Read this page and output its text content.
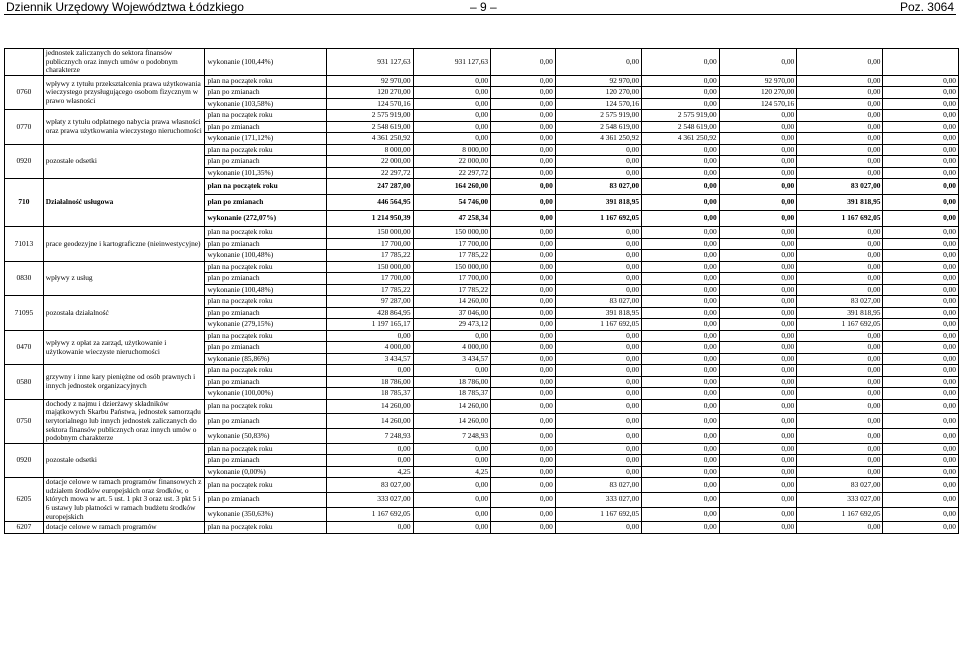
Dziennik Urzędowy Województwa Łódzkiego	– 9 –	Poz. 3064
	jednostek zaliczanych do sektora finansów publicznych oraz innych umów o podobnym charakterze	wykonanie (100,44%)	931 127,63	931 127,63	0,00	0,00	0,00	0,00	0,00	
0760	wpływy z tytułu przekształcenia prawa użytkowania wieczystego przysługującego osobom fizycznym w prawo własności	plan na początek roku	92 970,00	0,00	0,00	92 970,00	0,00	92 970,00	0,00	0,00
		plan po zmianach	120 270,00	0,00	0,00	120 270,00	0,00	120 270,00	0,00	0,00
		wykonanie (103,58%)	124 570,16	0,00	0,00	124 570,16	0,00	124 570,16	0,00	0,00
0770	wpłaty z tytułu odpłatnego nabycia prawa własności oraz prawa użytkowania wieczystego nieruchomości	plan na początek roku	2 575 919,00	0,00	0,00	2 575 919,00	2 575 919,00	0,00	0,00	0,00
		plan po zmianach	2 548 619,00	0,00	0,00	2 548 619,00	2 548 619,00	0,00	0,00	0,00
		wykonanie (171,12%)	4 361 250,92	0,00	0,00	4 361 250,92	4 361 250,92	0,00	0,00	0,00
0920	pozostałe odsetki	plan na początek roku	8 000,00	8 000,00	0,00	0,00	0,00	0,00	0,00	0,00
		plan po zmianach	22 000,00	22 000,00	0,00	0,00	0,00	0,00	0,00	0,00
		wykonanie (101,35%)	22 297,72	22 297,72	0,00	0,00	0,00	0,00	0,00	0,00
710	Działalność usługowa	plan na początek roku	247 287,00	164 260,00	0,00	83 027,00	0,00	0,00	83 027,00	0,00
		plan po zmianach	446 564,95	54 746,00	0,00	391 818,95	0,00	0,00	391 818,95	0,00
		wykonanie (272,07%)	1 214 950,39	47 258,34	0,00	1 167 692,05	0,00	0,00	1 167 692,05	0,00
71013	prace geodezyjne i kartograficzne (nieinwestycyjne)	plan na początek roku	150 000,00	150 000,00	0,00	0,00	0,00	0,00	0,00	0,00
		plan po zmianach	17 700,00	17 700,00	0,00	0,00	0,00	0,00	0,00	0,00
		wykonanie (100,48%)	17 785,22	17 785,22	0,00	0,00	0,00	0,00	0,00	0,00
0830	wpływy z usług	plan na początek roku	150 000,00	150 000,00	0,00	0,00	0,00	0,00	0,00	0,00
		plan po zmianach	17 700,00	17 700,00	0,00	0,00	0,00	0,00	0,00	0,00
		wykonanie (100,48%)	17 785,22	17 785,22	0,00	0,00	0,00	0,00	0,00	0,00
71095	pozostała działalność	plan na początek roku	97 287,00	14 260,00	0,00	83 027,00	0,00	0,00	83 027,00	0,00
		plan po zmianach	428 864,95	37 046,00	0,00	391 818,95	0,00	0,00	391 818,95	0,00
		wykonanie (279,15%)	1 197 165,17	29 473,12	0,00	1 167 692,05	0,00	0,00	1 167 692,05	0,00
0470	wpływy z opłat za zarząd, użytkowanie i użytkowanie wieczyste nieruchomości	plan na początek roku	0,00	0,00	0,00	0,00	0,00	0,00	0,00	0,00
		plan po zmianach	4 000,00	4 000,00	0,00	0,00	0,00	0,00	0,00	0,00
		wykonanie (85,86%)	3 434,57	3 434,57	0,00	0,00	0,00	0,00	0,00	0,00
0580	grzywny i inne kary pieniężne od osób prawnych i innych jednostek organizacyjnych	plan na początek roku	0,00	0,00	0,00	0,00	0,00	0,00	0,00	0,00
		plan po zmianach	18 786,00	18 786,00	0,00	0,00	0,00	0,00	0,00	0,00
		wykonanie (100,00%)	18 785,37	18 785,37	0,00	0,00	0,00	0,00	0,00	0,00
0750	dochody z najmu i dzierżawy składników majątkowych Skarbu Państwa, jednostek samorządu terytorialnego lub innych jednostek zaliczanych do sektora finansów publicznych oraz innych umów o podobnym charakterze	plan na początek roku	14 260,00	14 260,00	0,00	0,00	0,00	0,00	0,00	0,00
		plan po zmianach	14 260,00	14 260,00	0,00	0,00	0,00	0,00	0,00	0,00
		wykonanie (50,83%)	7 248,93	7 248,93	0,00	0,00	0,00	0,00	0,00	0,00
0920	pozostałe odsetki	plan na początek roku	0,00	0,00	0,00	0,00	0,00	0,00	0,00	0,00
		plan po zmianach	0,00	0,00	0,00	0,00	0,00	0,00	0,00	0,00
		wykonanie (0,00%)	4,25	4,25	0,00	0,00	0,00	0,00	0,00	0,00
6205	dotacje celowe w ramach programów finansowych z udziałem środków europejskich oraz środków, o których mowa w art. 5 ust. 1 pkt 3 oraz ust. 3 pkt 5 i 6 ustawy lub płatności w ramach budżetu środków europejskich	plan na początek roku	83 027,00	0,00	0,00	83 027,00	0,00	0,00	83 027,00	0,00
		plan po zmianach	333 027,00	0,00	0,00	333 027,00	0,00	0,00	333 027,00	0,00
		wykonanie (350,63%)	1 167 692,05	0,00	0,00	1 167 692,05	0,00	0,00	1 167 692,05	0,00
6207	dotacje celowe w ramach programów	plan na początek roku	0,00	0,00	0,00	0,00	0,00	0,00	0,00	0,00
